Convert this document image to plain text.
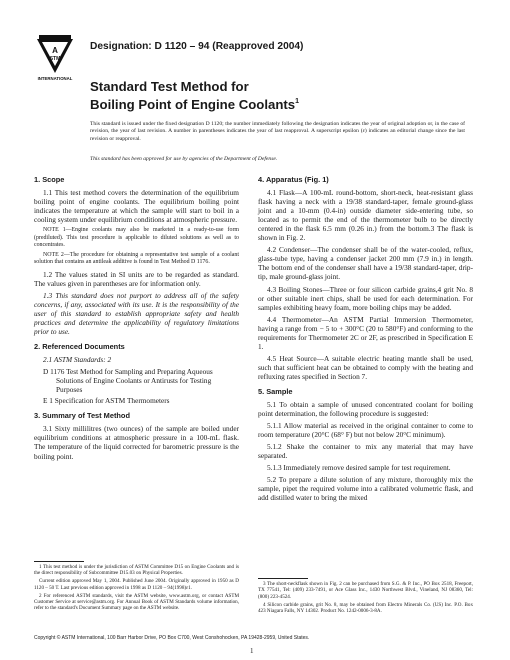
A
STM
INTERNATIONAL
Designation: D 1120 – 94 (Reapproved 2004)
Standard Test Method for
Boiling Point of Engine Coolants$^1$
This standard is issued under the fixed designation D 1120; the number immediately following the designation indicates the year of original adoption or, in the case of revision, the year of last revision. A number in parentheses indicates the year of last reapproval. A superscript epsilon (ε) indicates an editorial change since the last revision or reapproval.
This standard has been approved for use by agencies of the Department of Defense.
1. Scope

1.1 This test method covers the determination of the equilibrium boiling point of engine coolants. The equilibrium boiling point indicates the temperature at which the sample will start to boil in a cooling system under equilibrium conditions at atmospheric pressure.

NOTE 1—Engine coolants may also be marketed in a ready-to-use form (prediluted). This test procedure is applicable to diluted solutions as well as to concentrates.
NOTE 2—The procedure for obtaining a representative test sample of a coolant solution that contains an antileak additive is found in Test Method D 1176.

1.2 The values stated in SI units are to be regarded as standard. The values given in parentheses are for information only.

1.3 This standard does not purport to address all of the safety concerns, if any, associated with its use. It is the responsibility of the user of this standard to establish appropriate safety and health practices and determine the applicability of regulatory limitations prior to use.

2. Referenced Documents

2.1 ASTM Standards: 2

D 1176 Test Method for Sampling and Preparing Aqueous Solutions of Engine Coolants or Antirusts for Testing Purposes
E 1 Specification for ASTM Thermometers
3. Summary of Test Method

3.1 Sixty millilitres (two ounces) of the sample are boiled under equilibrium conditions at atmospheric pressure in a 100-mL flask. The temperature of the liquid corrected for barometric pressure is the boiling point.

4. Apparatus (Fig. 1)

4.1 Flask—A 100-mL round-bottom, short-neck, heat-resistant glass flask having a neck with a 19/38 standard-taper, female ground-glass joint and a 10-mm (0.4-in) outside diameter side-entering tube, so located as to permit the end of the thermometer bulb to be directly centered in the flask 6.5 mm (0.26 in.) from the bottom.3 The flask is shown in Fig. 2.

4.2 Condenser—The condenser shall be of the water-cooled, reflux, glass-tube type, having a condenser jacket 200 mm (7.9 in.) in length. The bottom end of the condenser shall have a 19/38 standard-taper, drip-tip, male ground-glass joint.

4.3 Boiling Stones—Three or four silicon carbide grains,4 grit No. 8 or other suitable inert chips, shall be used for each determination. For samples exhibiting heavy foam, more boiling chips may be added.

4.4 Thermometer—An ASTM Partial Immersion Thermometer, having a range from − 5 to + 300°C (20 to 580°F) and conforming to the requirements for Thermometer 2C or 2F, as prescribed in Specification E 1.

4.5 Heat Source—A suitable electric heating mantle shall be used, such that sufficient heat can be obtained to comply with the heating and refluxing rates specified in Section 7.

5. Sample

5.1 To obtain a sample of unused concentrated coolant for boiling point determination, the following procedure is suggested:

5.1.1 Allow material as received in the original container to come to room temperature (20°C (68° F) but not below 20°C minimum).

5.1.2 Shake the container to mix any material that may have separated.

5.1.3 Immediately remove desired sample for test requirement.

5.2 To prepare a dilute solution of any mixture, thoroughly mix the sample, pipet the required volume into a calibrated volumetric flask, and add distilled water to bring the mixed

1 This test method is under the jurisdiction of ASTM Committee D15 on Engine Coolants and is the direct responsibility of Subcommittee D15.03 on Physical Properties.

Current edition approved May 1, 2004. Published June 2004. Originally approved in 1950 as D 1120 – 50 T. Last previous edition approved in 1998 as D 1120 – 94(1998)ε1.

2 For referenced ASTM standards, visit the ASTM website, www.astm.org, or contact ASTM Customer Service at service@astm.org. For Annual Book of ASTM Standards volume information, refer to the standard's Document Summary page on the ASTM website.

3 The short-neckflask shown in Fig. 2 can be purchased from S.G. & P. Inc., PO Box 2518, Freeport, TX 77541, Tel: (409) 233-7491, or Ace Glass Inc., 1430 Northwest Blvd., Vineland, NJ 08360, Tel: (800) 223-4524.

4 Silicon carbide grains, grit No. 8, may be obtained from Electro Minerals Co. (US) Inc. P.O. Box 423 Niagara Falls, NY 14302. Product No. 1242-0006-3-8A.

Copyright © ASTM International, 100 Barr Harbor Drive, PO Box C700, West Conshohocken, PA 19428-2959, United States.
1
